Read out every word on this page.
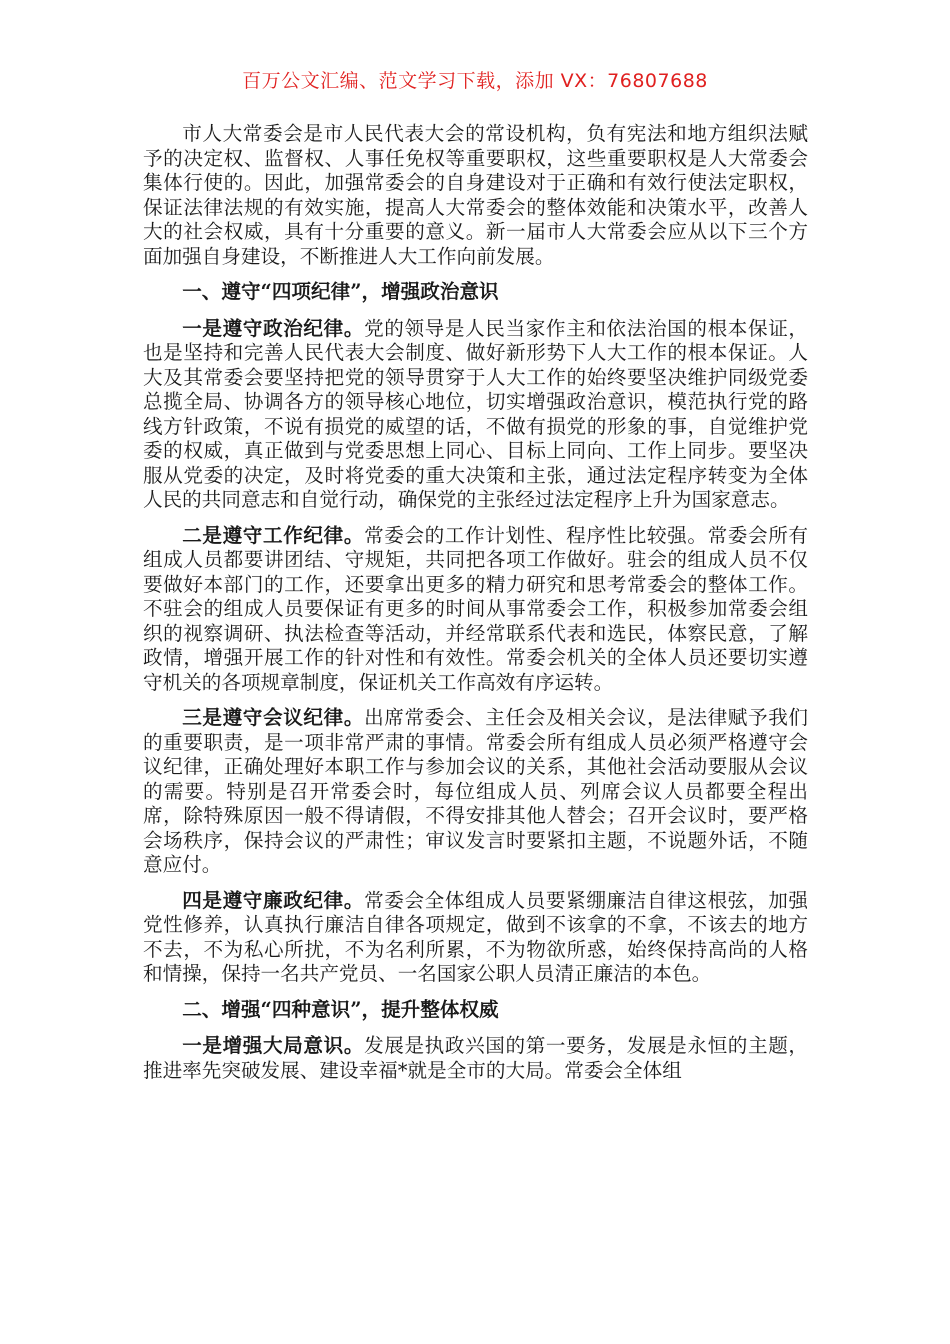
百万公文汇编、范文学习下载，添加 VX：76807688

市人大常委会是市人民代表大会的常设机构，负有宪法和地方组织法赋予的决定权、监督权、人事任免权等重要职权，这些重要职权是人大常委会集体行使的。因此，加强常委会的自身建设对于正确和有效行使法定职权，保证法律法规的有效实施，提高人大常委会的整体效能和决策水平，改善人大的社会权威，具有十分重要的意义。新一届市人大常委会应从以下三个方面加强自身建设，不断推进人大工作向前发展。

一、遵守“四项纪律”，增强政治意识

一是遵守政治纪律。党的领导是人民当家作主和依法治国的根本保证，也是坚持和完善人民代表大会制度、做好新形势下人大工作的根本保证。人大及其常委会要坚持把党的领导贯穿于人大工作的始终要坚决维护同级党委总揽全局、协调各方的领导核心地位，切实增强政治意识，模范执行党的路线方针政策，不说有损党的威望的话，不做有损党的形象的事，自觉维护党委的权威，真正做到与党委思想上同心、目标上同向、工作上同步。要坚决服从党委的决定，及时将党委的重大决策和主张，通过法定程序转变为全体人民的共同意志和自觉行动，确保党的主张经过法定程序上升为国家意志。

二是遵守工作纪律。常委会的工作计划性、程序性比较强。常委会所有组成人员都要讲团结、守规矩，共同把各项工作做好。驻会的组成人员不仅要做好本部门的工作，还要拿出更多的精力研究和思考常委会的整体工作。不驻会的组成人员要保证有更多的时间从事常委会工作，积极参加常委会组织的视察调研、执法检查等活动，并经常联系代表和选民，体察民意，了解政情，增强开展工作的针对性和有效性。常委会机关的全体人员还要切实遵守机关的各项规章制度，保证机关工作高效有序运转。

三是遵守会议纪律。出席常委会、主任会及相关会议，是法律赋予我们的重要职责，是一项非常严肃的事情。常委会所有组成人员必须严格遵守会议纪律，正确处理好本职工作与参加会议的关系，其他社会活动要服从会议的需要。特别是召开常委会时，每位组成人员、列席会议人员都要全程出席，除特殊原因一般不得请假，不得安排其他人替会；召开会议时，要严格会场秩序，保持会议的严肃性；审议发言时要紧扣主题，不说题外话，不随意应付。

四是遵守廉政纪律。常委会全体组成人员要紧绷廉洁自律这根弦，加强党性修养，认真执行廉洁自律各项规定，做到不该拿的不拿，不该去的地方不去，不为私心所扰，不为名利所累，不为物欲所惑，始终保持高尚的人格和情操，保持一名共产党员、一名国家公职人员清正廉洁的本色。

二、增强“四种意识”，提升整体权威

一是增强大局意识。发展是执政兴国的第一要务，发展是永恒的主题，推进率先突破发展、建设幸福*就是全市的大局。常委会全体组
